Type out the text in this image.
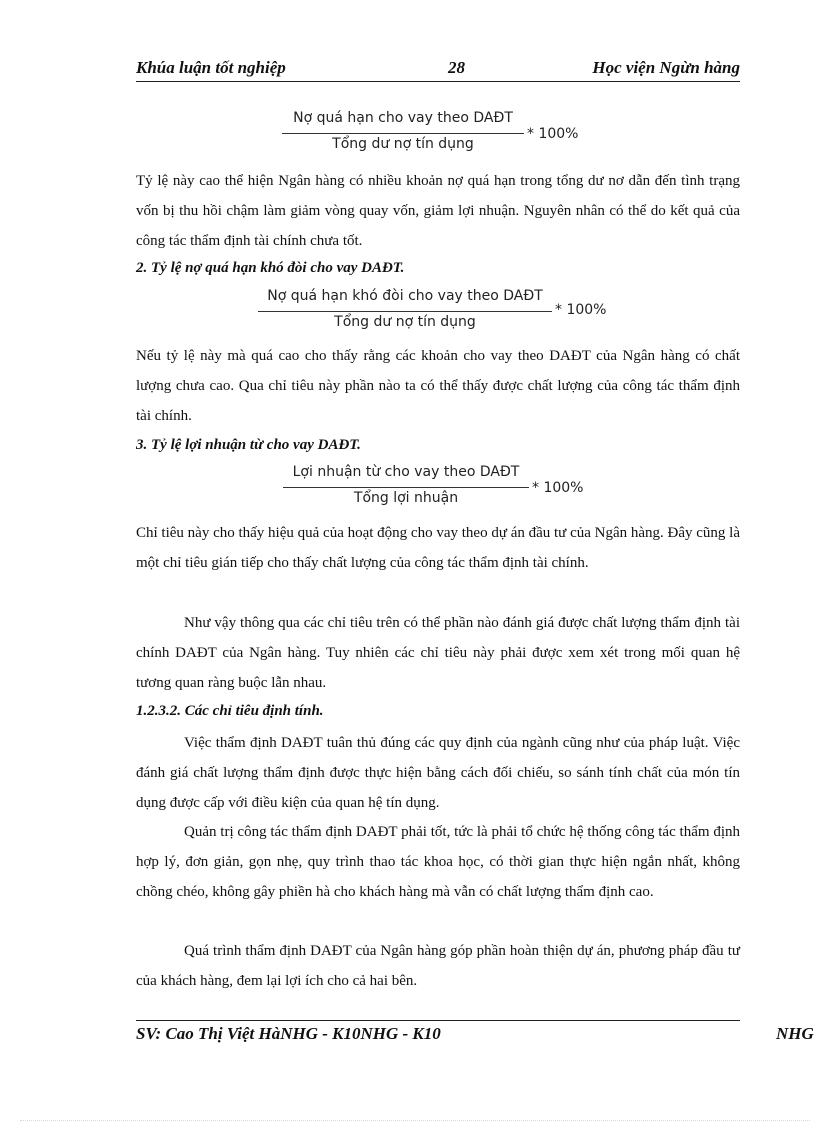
Khúa luận tốt nghiệp	28	Học viện Ngừn hàng
Nợ quá hạn cho vay theo DAĐT
Tổng dư nợ tín dụng
* 100%

Tỷ lệ này cao thể hiện Ngân hàng có nhiều khoản nợ quá hạn trong tổng dư nơ dẫn đến tình trạng vốn bị thu hồi chậm làm giảm vòng quay vốn, giảm lợi nhuận. Nguyên nhân có thể do kết quả của công tác thẩm định tài chính chưa tốt.

2. Tỷ lệ nợ quá hạn khó đòi cho vay DAĐT.
Nợ quá hạn khó đòi cho vay theo DAĐT
Tổng dư nợ tín dụng
* 100%

Nếu tỷ lệ này mà quá cao cho thấy rằng các khoản cho vay theo DAĐT của Ngân hàng có chất lượng chưa cao. Qua chỉ tiêu này phần nào ta có thể thấy được chất lượng của công tác thẩm định tài chính.

3. Tỷ lệ lợi nhuận từ cho vay DAĐT.
Lợi nhuận từ cho vay theo DAĐT
Tổng lợi nhuận
* 100%

Chỉ tiêu này cho thấy hiệu quả của hoạt động cho vay theo dự án đầu tư của Ngân hàng. Đây cũng là một chỉ tiêu gián tiếp cho thấy chất lượng của công tác thẩm định tài chính.

Như vậy thông qua các chỉ tiêu trên có thể phần nào đánh giá được chất lượng thẩm định tài chính DAĐT của Ngân hàng. Tuy nhiên các chỉ tiêu này phải được xem xét trong mối quan hệ tương quan ràng buộc lẫn nhau.

1.2.3.2. Các chỉ tiêu định tính.

Việc thẩm định DAĐT tuân thủ đúng các quy định của ngành cũng như của pháp luật. Việc đánh giá chất lượng thẩm định được thực hiện bằng cách đối chiếu, so sánh tính chất của món tín dụng được cấp với điều kiện của quan hệ tín dụng.

Quản trị công tác thẩm định DAĐT phải tốt, tức là phải tổ chức hệ thống công tác thẩm định hợp lý, đơn giản, gọn nhẹ, quy trình thao tác khoa học, có thời gian thực hiện ngắn nhất, không chồng chéo, không gây phiền hà cho khách hàng mà vẫn có chất lượng thẩm định cao.

Quá trình thẩm định DAĐT của Ngân hàng góp phần hoàn thiện dự án, phương pháp đầu tư của khách hàng, đem lại lợi ích cho cả hai bên.

SV: Cao Thị Việt HàNHG - K10NHG - K10	NHG
